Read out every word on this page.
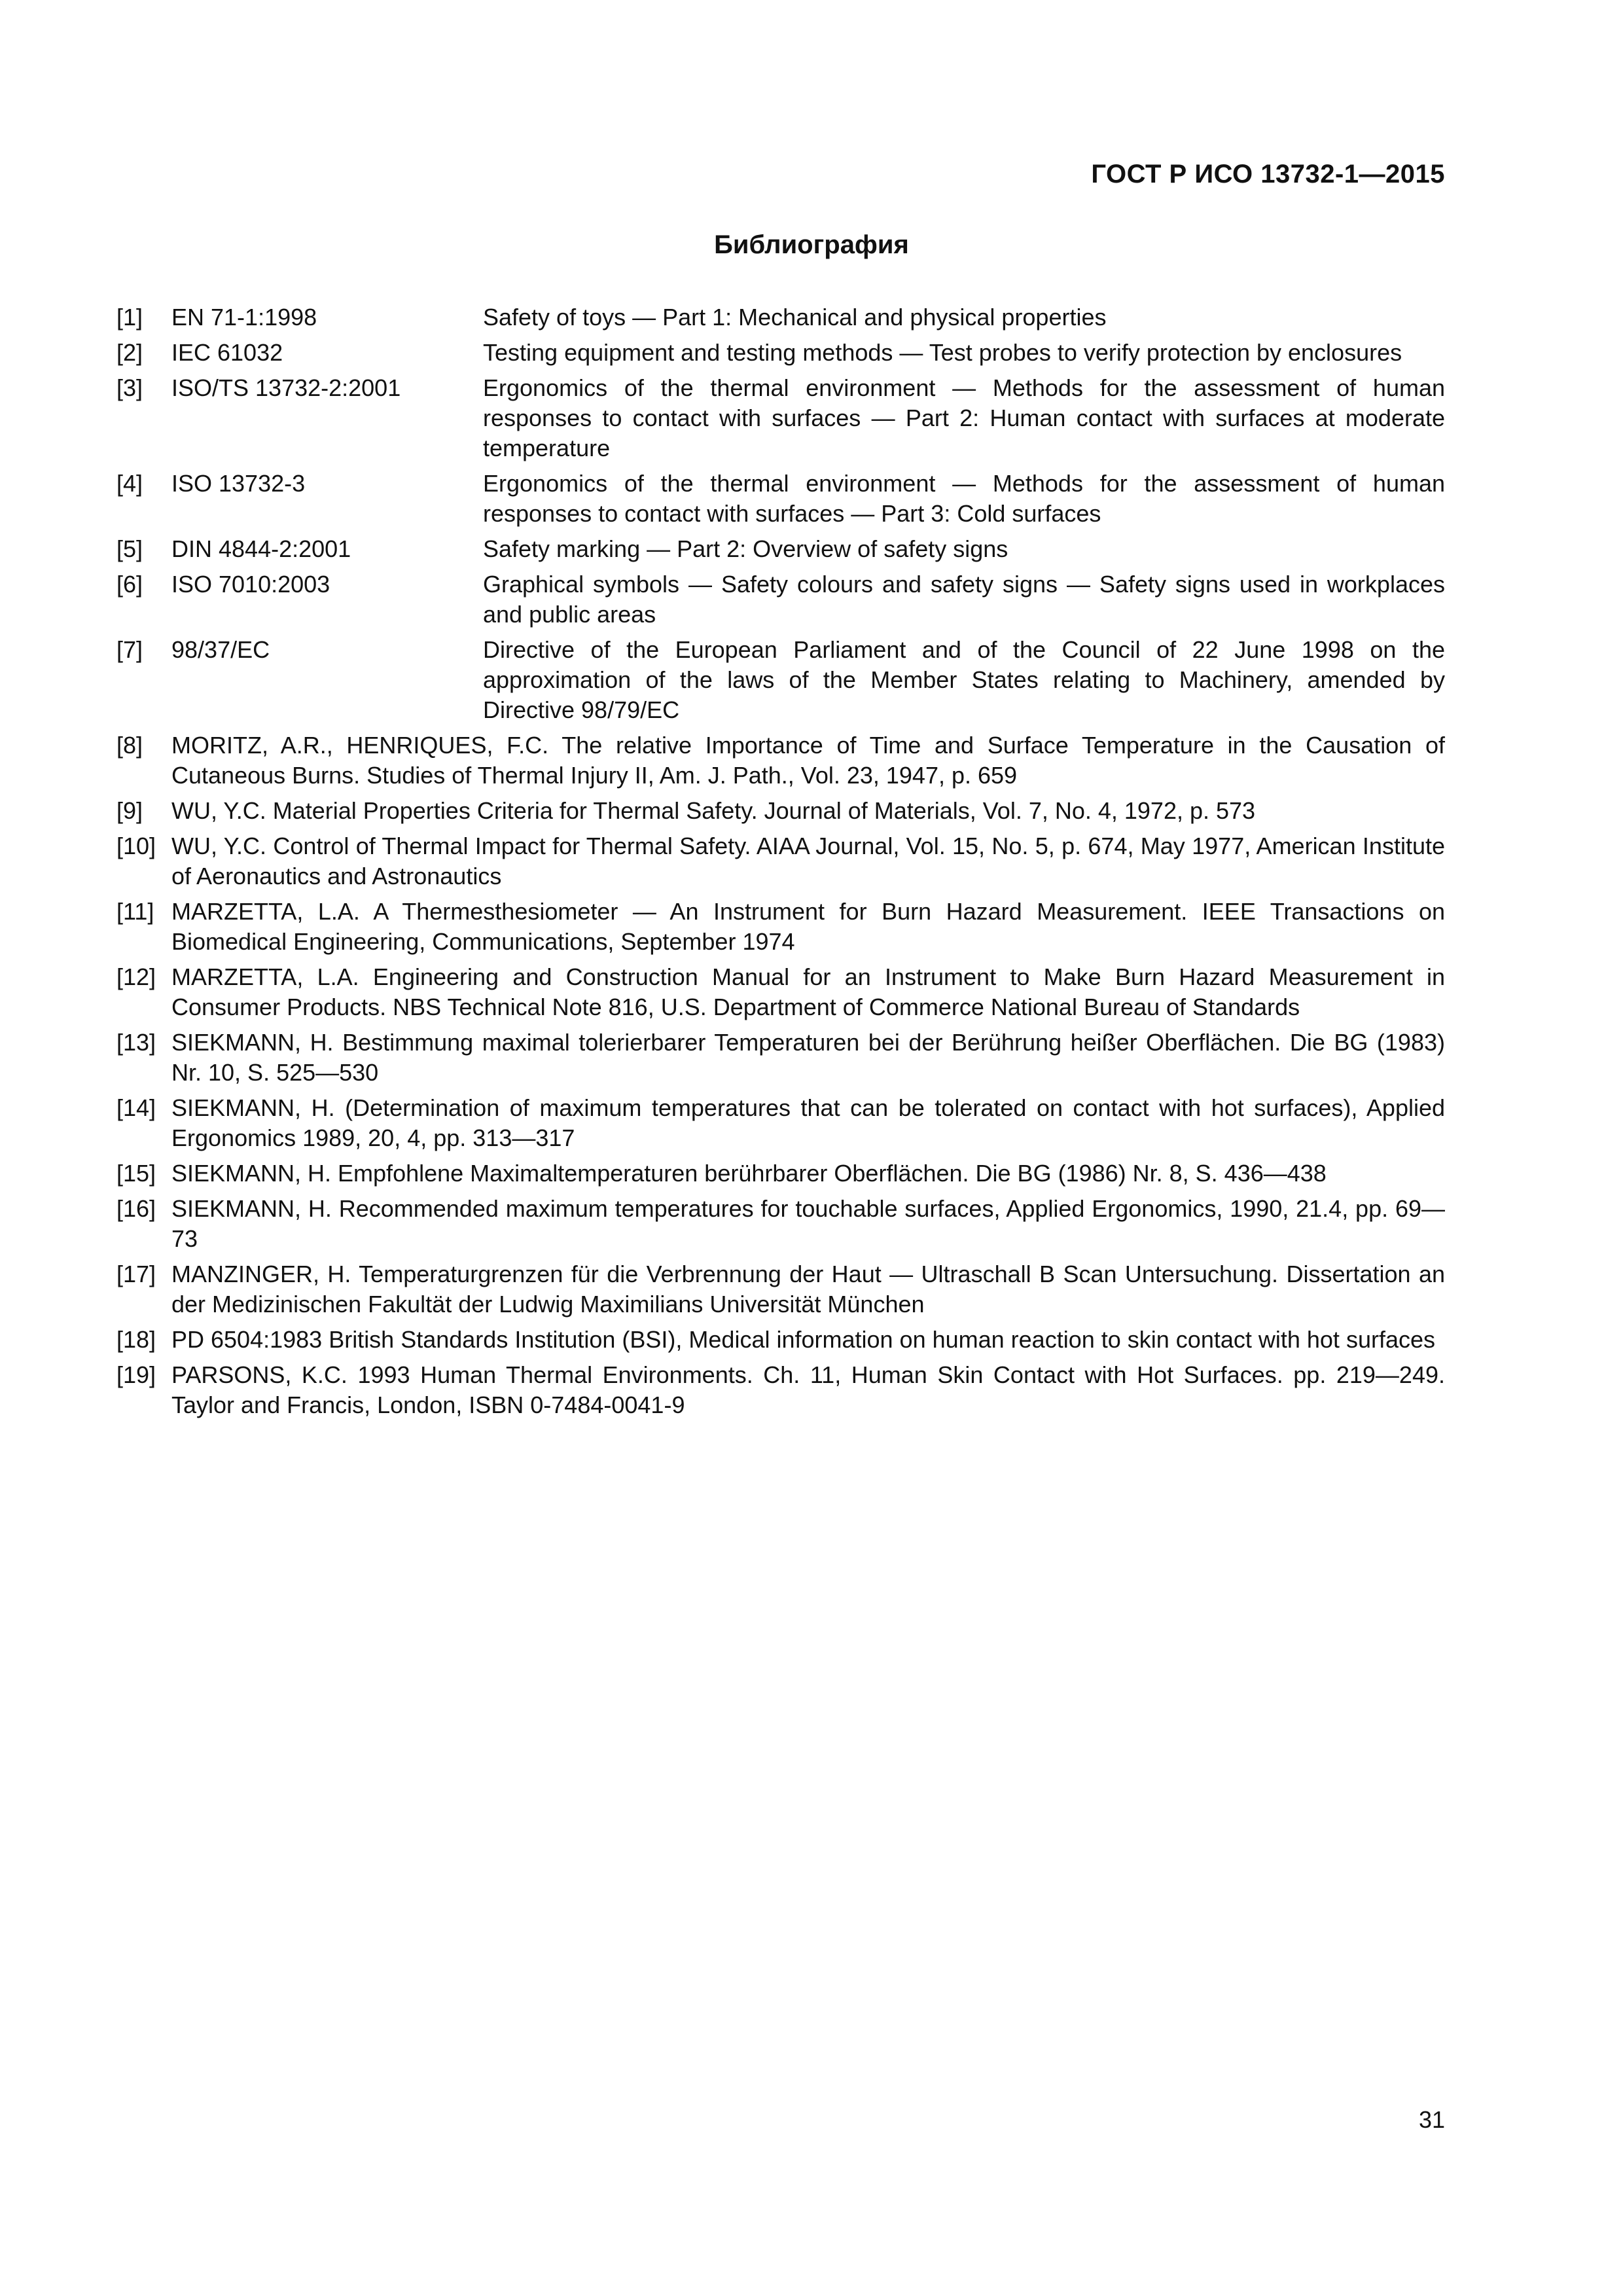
ГОСТ Р ИСО 13732-1—2015
Библиография
[1]	EN 71-1:1998	Safety of toys — Part 1: Mechanical and physical properties
[2]	IEC 61032	Testing equipment and testing methods — Test probes to verify protection by enclosures
[3]	ISO/TS 13732-2:2001	Ergonomics of the thermal environment — Methods for the assessment of human responses to contact with surfaces — Part 2: Human contact with surfaces at moderate temperature
[4]	ISO 13732-3	Ergonomics of the thermal environment — Methods for the assessment of human responses to contact with surfaces — Part 3: Cold surfaces
[5]	DIN 4844-2:2001	Safety marking — Part 2: Overview of safety signs
[6]	ISO 7010:2003	Graphical symbols — Safety colours and safety signs — Safety signs used in workplaces and public areas
[7]	98/37/EC	Directive of the European Parliament and of the Council of 22 June 1998 on the approximation of the laws of the Member States relating to Machinery, amended by Directive 98/79/EC
[8]	MORITZ, A.R., HENRIQUES, F.C. The relative Importance of Time and Surface Temperature in the Causation of Cutaneous Burns. Studies of Thermal Injury II, Am. J. Path., Vol. 23, 1947, p. 659
[9]	WU, Y.C. Material Properties Criteria for Thermal Safety. Journal of Materials, Vol. 7, No. 4, 1972, p. 573
[10] WU, Y.C. Control of Thermal Impact for Thermal Safety. AIAA Journal, Vol. 15, No. 5, p. 674, May 1977, American Institute of Aeronautics and Astronautics
[11] MARZETTA, L.A. A Thermesthesiometer — An Instrument for Burn Hazard Measurement. IEEE Transactions on Biomedical Engineering, Communications, September 1974
[12] MARZETTA, L.A. Engineering and Construction Manual for an Instrument to Make Burn Hazard Measurement in Consumer Products. NBS Technical Note 816, U.S. Department of Commerce National Bureau of Standards
[13] SIEKMANN, H. Bestimmung maximal tolerierbarer Temperaturen bei der Berührung heißer Oberflächen. Die BG (1983) Nr. 10, S. 525—530
[14] SIEKMANN, H. (Determination of maximum temperatures that can be tolerated on contact with hot surfaces), Applied Ergonomics 1989, 20, 4, pp. 313—317
[15] SIEKMANN, H. Empfohlene Maximaltemperaturen berührbarer Oberflächen. Die BG (1986) Nr. 8, S. 436—438
[16] SIEKMANN, H. Recommended maximum temperatures for touchable surfaces, Applied Ergonomics, 1990, 21.4, pp. 69—73
[17] MANZINGER, H. Temperaturgrenzen für die Verbrennung der Haut — Ultraschall B Scan Untersuchung. Dissertation an der Medizinischen Fakultät der Ludwig Maximilians Universität München
[18] PD 6504:1983 British Standards Institution (BSI), Medical information on human reaction to skin contact with hot surfaces
[19] PARSONS, K.C. 1993 Human Thermal Environments. Ch. 11, Human Skin Contact with Hot Surfaces. pp. 219—249. Taylor and Francis, London, ISBN 0-7484-0041-9
31
